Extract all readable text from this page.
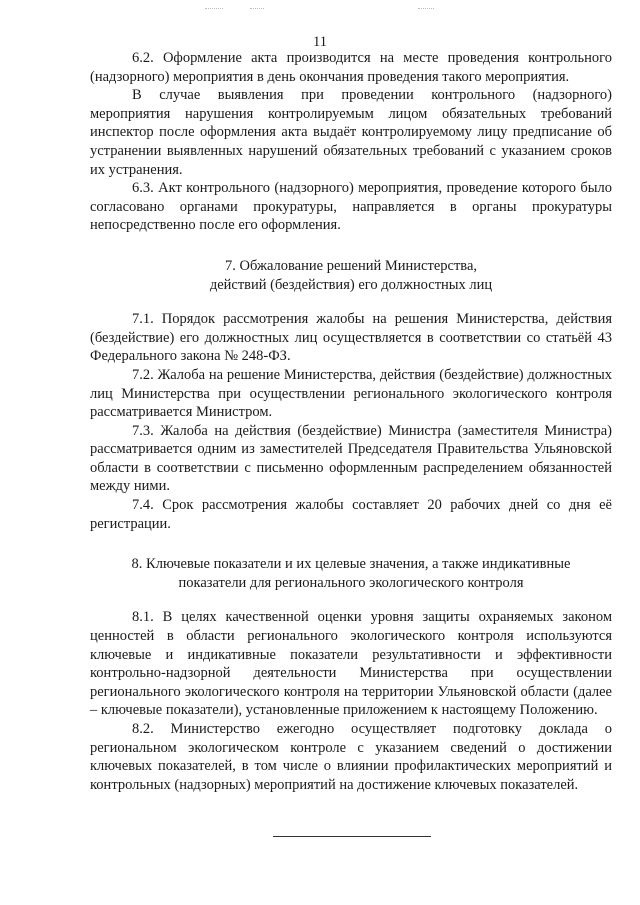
11

6.2. Оформление акта производится на месте проведения контрольного (надзорного) мероприятия в день окончания проведения такого мероприятия.

В случае выявления при проведении контрольного (надзорного) мероприятия нарушения контролируемым лицом обязательных требований инспектор после оформления акта выдаёт контролируемому лицу предписание об устранении выявленных нарушений обязательных требований с указанием сроков их устранения.

6.3. Акт контрольного (надзорного) мероприятия, проведение которого было согласовано органами прокуратуры, направляется в органы прокуратуры непосредственно после его оформления.

7. Обжалование решений Министерства,
действий (бездействия) его должностных лиц

7.1. Порядок рассмотрения жалобы на решения Министерства, действия (бездействие) его должностных лиц осуществляется в соответствии со статьёй 43 Федерального закона № 248-ФЗ.

7.2. Жалоба на решение Министерства, действия (бездействие) должностных лиц Министерства при осуществлении регионального экологического контроля рассматривается Министром.

7.3. Жалоба на действия (бездействие) Министра (заместителя Министра) рассматривается одним из заместителей Председателя Правительства Ульяновской области в соответствии с письменно оформленным распределением обязанностей между ними.

7.4. Срок рассмотрения жалобы составляет 20 рабочих дней со дня её регистрации.

8. Ключевые показатели и их целевые значения, а также индикативные
показатели для регионального экологического контроля

8.1. В целях качественной оценки уровня защиты охраняемых законом ценностей в области регионального экологического контроля используются ключевые и индикативные показатели результативности и эффективности контрольно-надзорной деятельности Министерства при осуществлении регионального экологического контроля на территории Ульяновской области (далее – ключевые показатели), установленные приложением к настоящему Положению.

8.2. Министерство ежегодно осуществляет подготовку доклада о региональном экологическом контроле с указанием сведений о достижении ключевых показателей, в том числе о влиянии профилактических мероприятий и контрольных (надзорных) мероприятий на достижение ключевых показателей.
